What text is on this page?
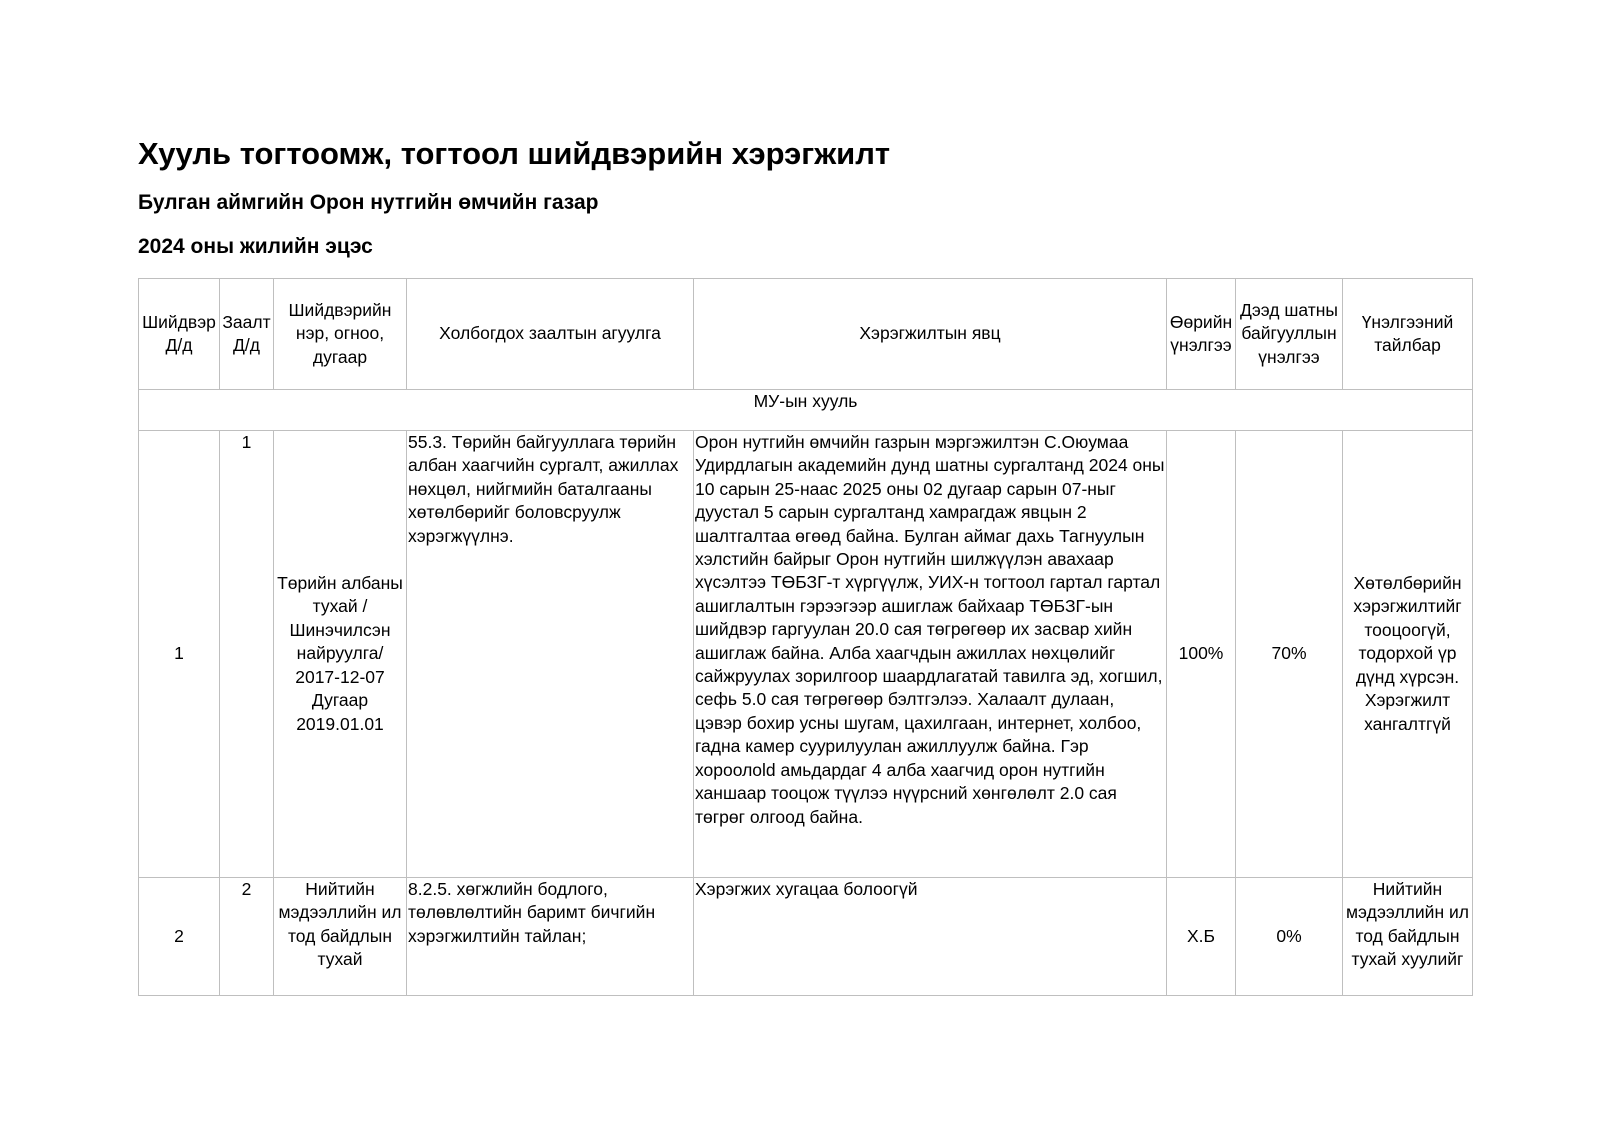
Хууль тогтоомж, тогтоол шийдвэрийн хэрэгжилт
Булган аймгийн Орон нутгийн өмчийн газар
2024 оны жилийн эцэс
Шийдвэр Д/д	Заалт Д/д	Шийдвэрийн нэр, огноо, дугаар	Холбогдох заалтын агуулга	Хэрэгжилтын явц	Өөрийн үнэлгээ	Дээд шатны байгууллын үнэлгээ	Үнэлгээний тайлбар
МУ-ын хууль							
1	1	Төрийн албаны тухай /Шинэчилсэн найруулга/ 2017-12-07 Дугаар 2019.01.01	55.3. Төрийн байгууллага төрийн албан хаагчийн сургалт, ажиллах нөхцөл, нийгмийн баталгааны хөтөлбөрийг боловсруулж хэрэгжүүлнэ.	Орон нутгийн өмчийн газрын мэргэжилтэн С.Оюумаа Удирдлагын академийн дунд шатны сургалтанд 2024 оны 10 сарын 25-наас 2025 оны 02 дугаар сарын 07-ныг дуустал 5 сарын сургалтанд хамрагдаж явцын 2 шалтгалтаа өгөөд байна. Булган аймаг дахь Тагнуулын хэлстийн байрыг Орон нутгийн шилжүүлэн авахаар хүсэлтээ ТӨБЗГ-т хүргүүлж, УИХ-н тогтоол гартал гартал ашиглалтын гэрээгээр ашиглаж байхаар ТӨБЗГ-ын шийдвэр гаргуулан 20.0 сая төгрөгөөр их засвар хийн ашиглаж байна. Алба хаагчдын ажиллах нөхцөлийг сайжруулах зорилгоор шаардлагатай тавилга эд, хогшил, сефь 5.0 сая төгрөгөөр бэлтгэлээ. Халаалт дулаан, цэвэр бохир усны шугам, цахилгаан, интернет, холбоо, гадна камер суурилуулан ажиллуулж байна. Гэр хороолold амьдардаг 4 алба хаагчид орон нутгийн ханшаар тооцож түүлээ нүүрсний хөнгөлөлт 2.0 сая төгрөг олгоод байна.	100%	70%	Хөтөлбөрийн хэрэгжилтийг тооцоогүй, тодорхой үр дүнд хүрсэн. Хэрэгжилт хангалтгүй
2	2	Нийтийн мэдээллийн ил тод байдлын тухай	8.2.5. хөгжлийн бодлого, төлөвлөлтийн баримт бичгийн хэрэгжилтийн тайлан;	Хэрэгжих хугацаа болоогүй	Х.Б	0%	Нийтийн мэдээллийн ил тод байдлын тухай хуулийг
